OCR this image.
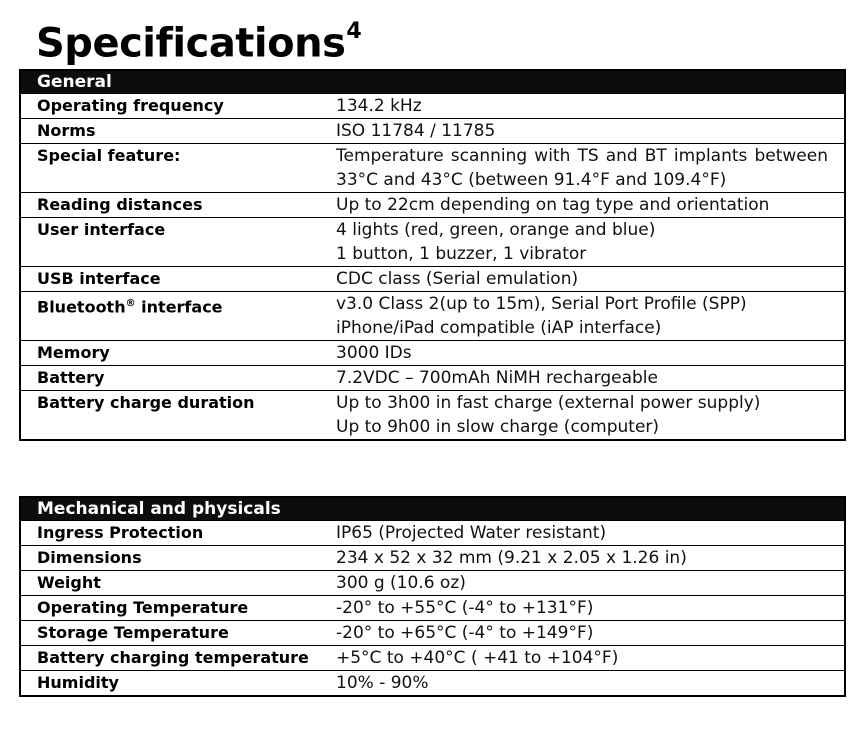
Specifications$^4$
General	
Operating frequency	134.2 kHz

Norms	ISO 11784 / 11785

Special feature:	Temperature scanning with TS and BT implants between 33°C and 43°C (between 91.4°F and 109.4°F)

Reading distances	Up to 22cm depending on tag type and orientation

User interface	4 lights (red, green, orange and blue)
1 button, 1 buzzer, 1 vibrator

USB interface	CDC class (Serial emulation)

Bluetooth® interface	v3.0 Class 2(up to 15m), Serial Port Profile (SPP)
iPhone/iPad compatible (iAP interface)

Memory	3000 IDs

Battery	7.2VDC – 700mAh NiMH rechargeable

Battery charge duration	Up to 3h00 in fast charge (external power supply)
Up to 9h00 in slow charge (computer)
Mechanical and physicals	
Ingress Protection	IP65 (Projected Water resistant)

Dimensions	234 x 52 x 32 mm (9.21 x 2.05 x 1.26 in)

Weight	300 g (10.6 oz)

Operating Temperature	-20° to +55°C (-4° to +131°F)

Storage Temperature	-20° to +65°C (-4° to +149°F)

Battery charging temperature	+5°C to +40°C ( +41 to +104°F)

Humidity	10% - 90%
